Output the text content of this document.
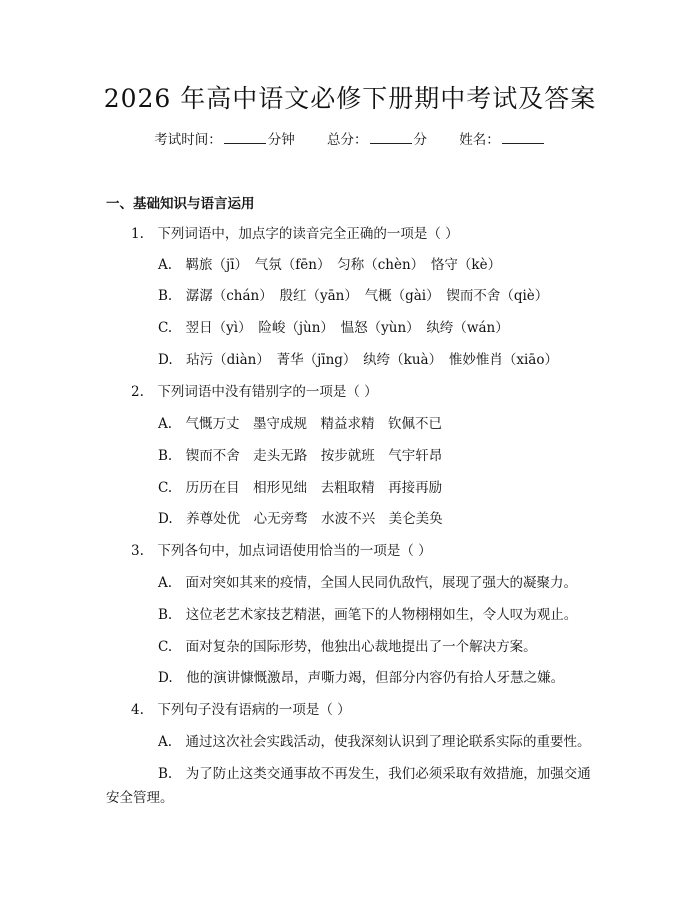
2026 年高中语文必修下册期中考试及答案
考试时间：	分钟 总分：	分 姓名：
一、基础知识与语言运用
1.　下列词语中，加点字的读音完全正确的一项是（ ）
A.　羁旅（jī）　气氛（fēn）　匀称（chèn）　恪守（kè）
B.　潺潺（chán）　殷红（yān）　气概（gài）　锲而不舍（qiè）
C.　翌日（yì）　险峻（jùn）　愠怒（yùn）　纨绔（wán）
D.　玷污（diàn）　菁华（jīng）　纨绔（kuà）　惟妙惟肖（xiāo）
2.　下列词语中没有错别字的一项是（ ）
A.　气慨万丈　墨守成规　精益求精　钦佩不已
B.　锲而不舍　走头无路　按步就班　气宇轩昂
C.　历历在目　相形见绌　去粗取精　再接再励
D.　养尊处优　心无旁骛　水波不兴　美仑美奂
3.　下列各句中，加点词语使用恰当的一项是（ ）
A.　面对突如其来的疫情，全国人民同仇敌忾，展现了强大的凝聚力。
B.　这位老艺术家技艺精湛，画笔下的人物栩栩如生，令人叹为观止。
C.　面对复杂的国际形势，他独出心裁地提出了一个解决方案。
D.　他的演讲慷慨激昂，声嘶力竭，但部分内容仍有拾人牙慧之嫌。
4.　下列句子没有语病的一项是（ ）
A.　通过这次社会实践活动，使我深刻认识到了理论联系实际的重要性。
B.　为了防止这类交通事故不再发生，我们必须采取有效措施，加强交通
安全管理。
